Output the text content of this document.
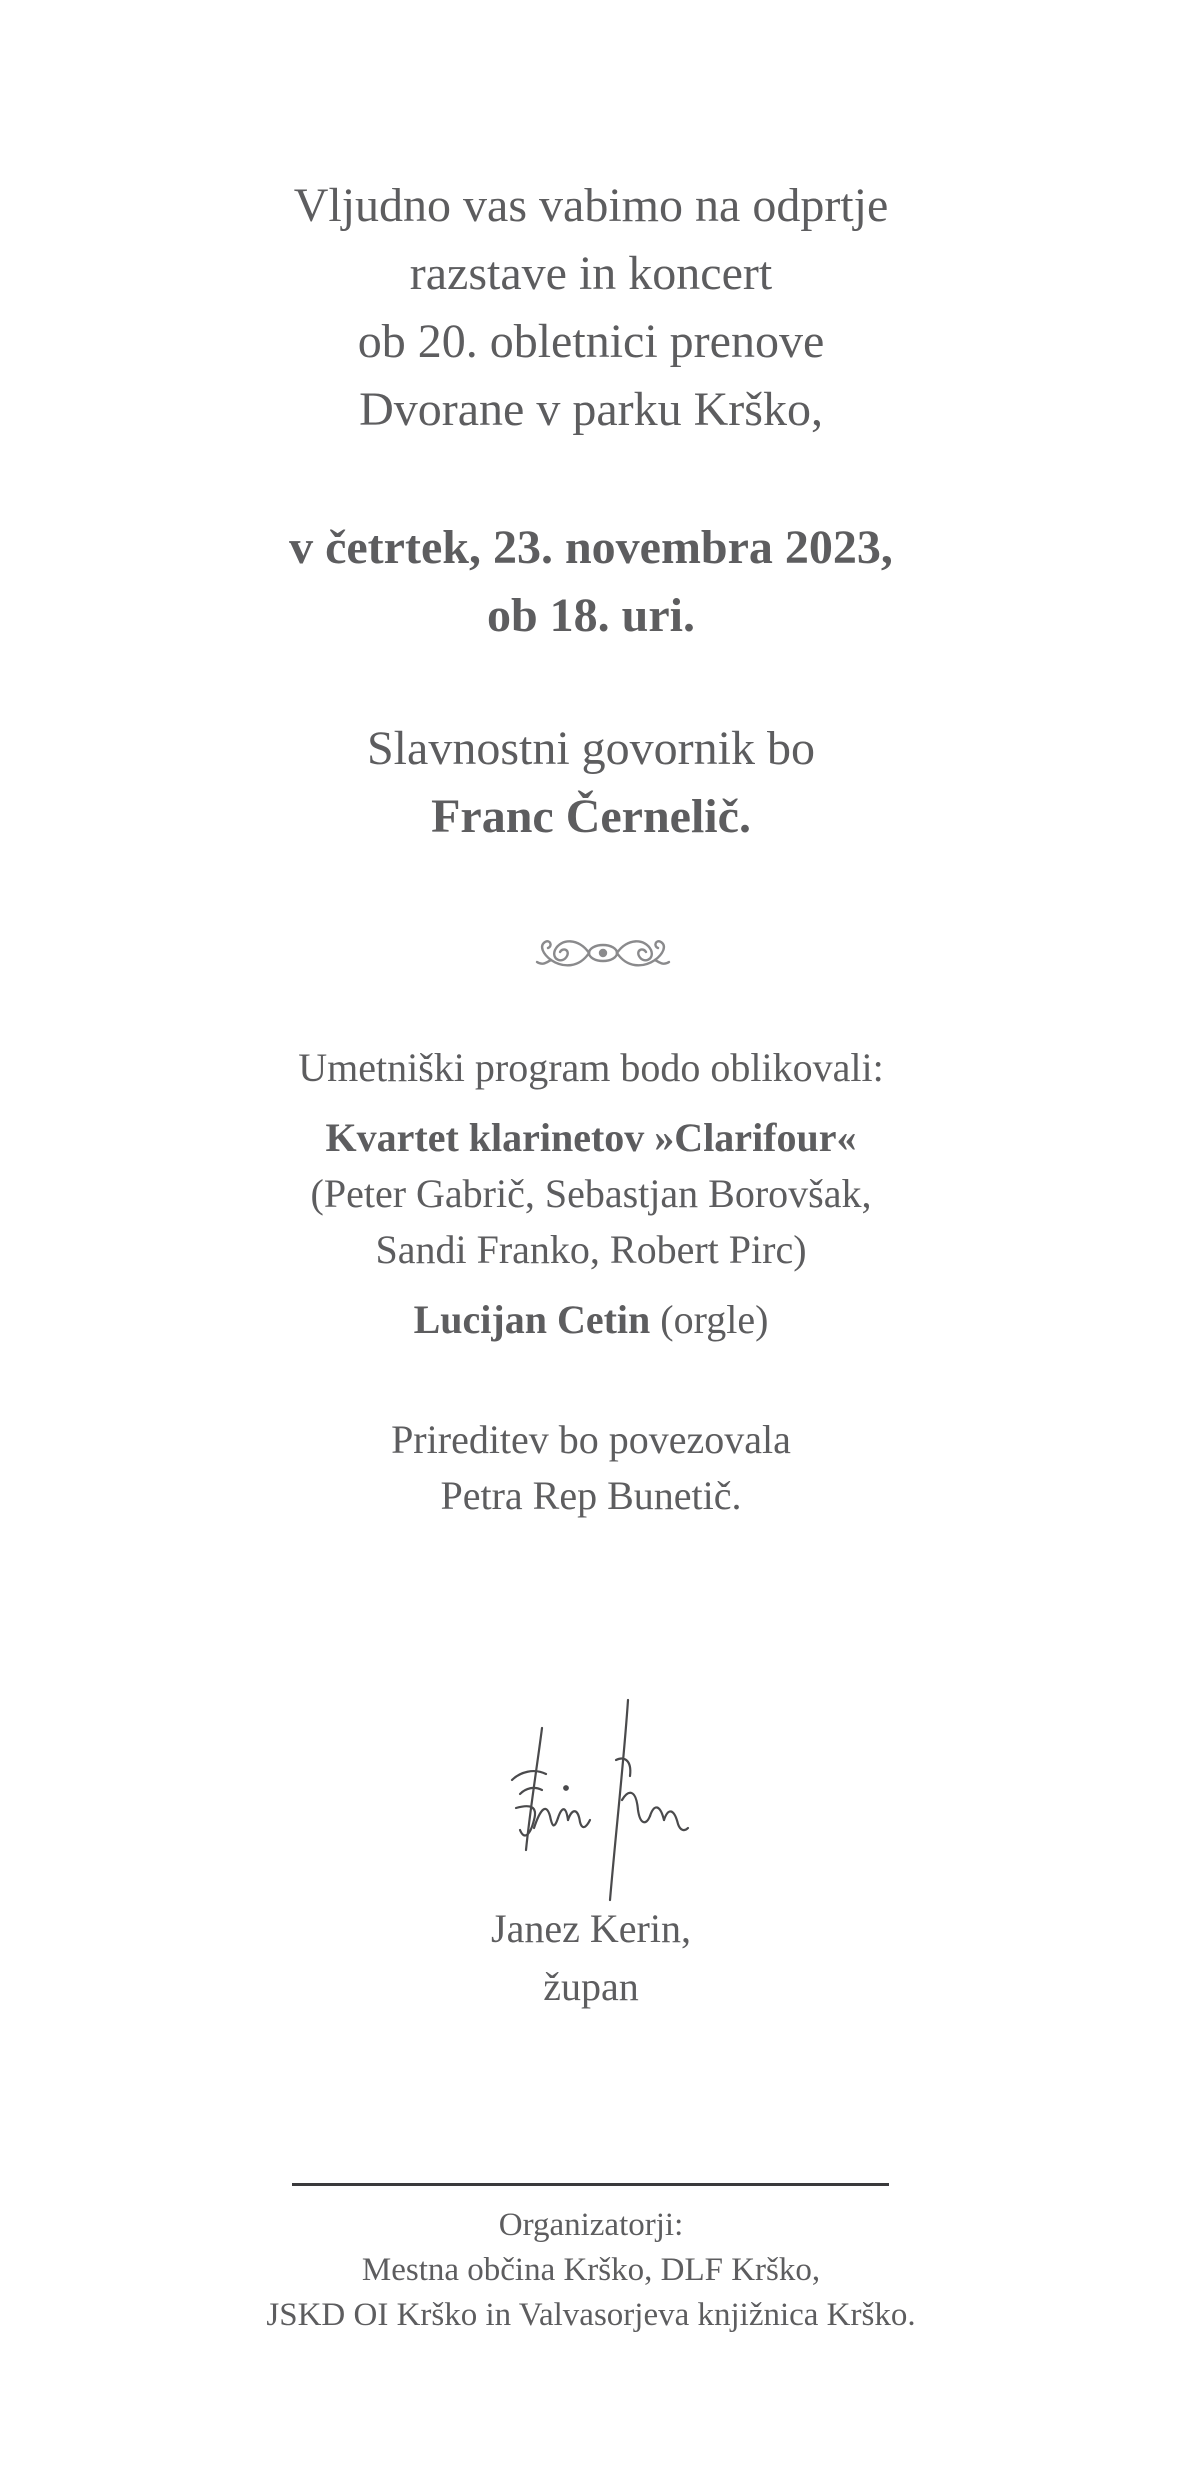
Vljudno vas vabimo na odprtje
razstave in koncert
ob 20. obletnici prenove
Dvorane v parku Krško,
v četrtek, 23. novembra 2023,
ob 18. uri.
Slavnostni govornik bo
Franc Černelič.
Umetniški program bodo oblikovali:
Kvartet klarinetov »Clarifour«
(Peter Gabrič, Sebastjan Borovšak,
Sandi Franko, Robert Pirc)
Lucijan Cetin (orgle)
Prireditev bo povezovala
Petra Rep Bunetič.
Janez Kerin,
župan
Organizatorji:
Mestna občina Krško, DLF Krško,
JSKD OI Krško in Valvasorjeva knjižnica Krško.
